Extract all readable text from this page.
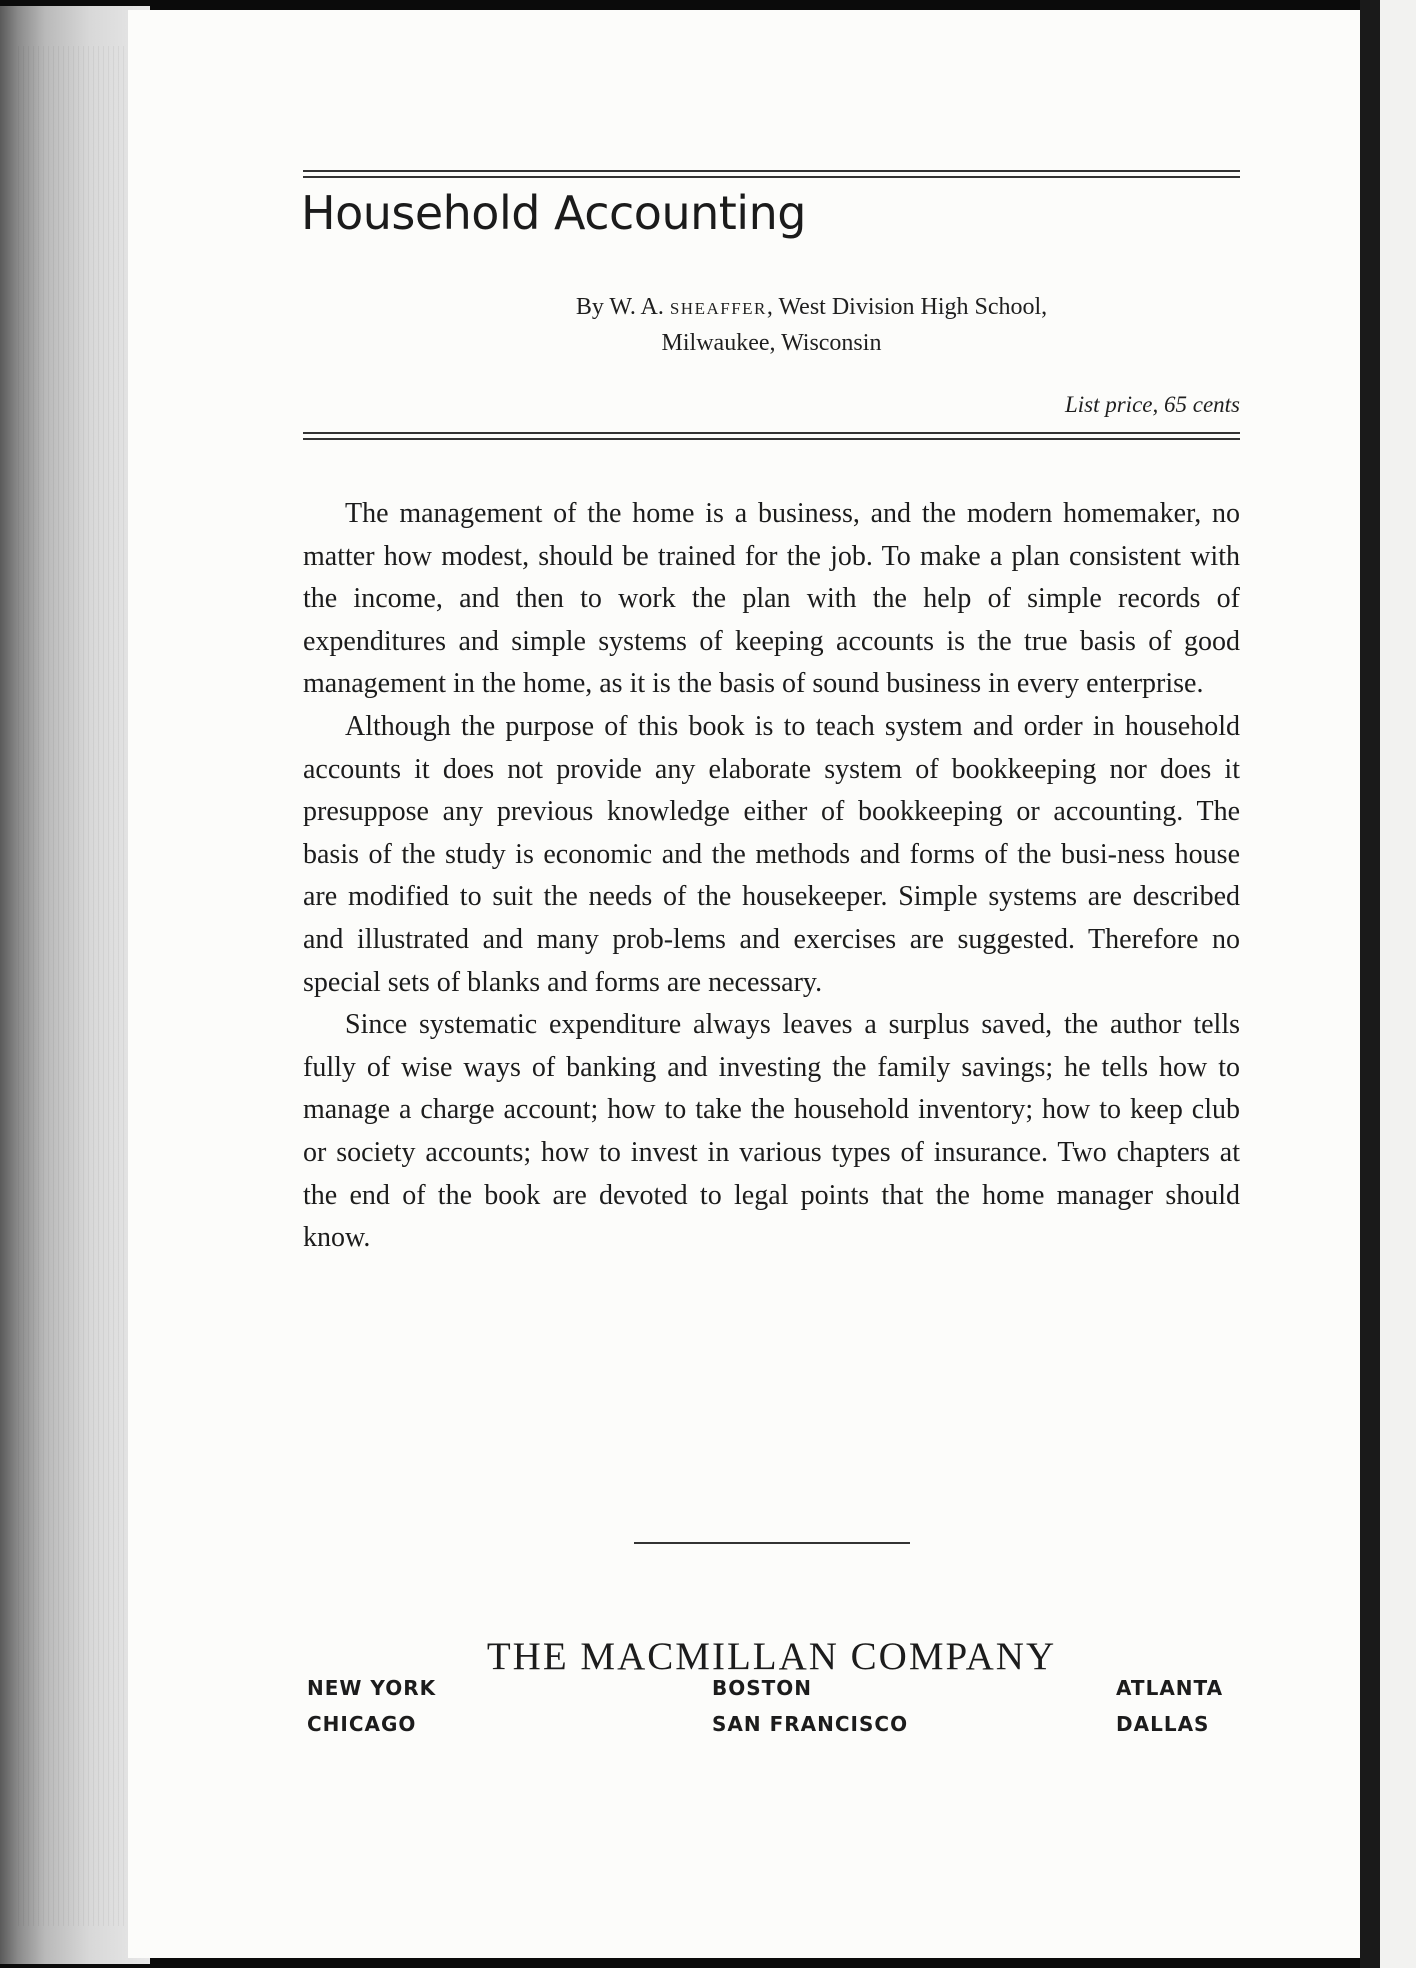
Household Accounting
By W. A. SHEAFFER, West Division High School,
Milwaukee, Wisconsin
List price, 65 cents

The management of the home is a business, and the modern homemaker, no matter how modest, should be trained for the job. To make a plan consistent with the income, and then to work the plan with the help of simple records of expenditures and simple systems of keeping accounts is the true basis of good management in the home, as it is the basis of sound business in every enterprise.

Although the purpose of this book is to teach system and order in household accounts it does not provide any elaborate system of bookkeeping nor does it presuppose any previous knowledge either of bookkeeping or accounting. The basis of the study is economic and the methods and forms of the busi-ness house are modified to suit the needs of the housekeeper. Simple systems are described and illustrated and many prob-lems and exercises are suggested. Therefore no special sets of blanks and forms are necessary.

Since systematic expenditure always leaves a surplus saved, the author tells fully of wise ways of banking and investing the family savings; he tells how to manage a charge account; how to take the household inventory; how to keep club or society accounts; how to invest in various types of insurance. Two chapters at the end of the book are devoted to legal points that the home manager should know.

THE MACMILLAN COMPANY
NEW YORK	BOSTON	ATLANTA
CHICAGO	SAN FRANCISCO	DALLAS
